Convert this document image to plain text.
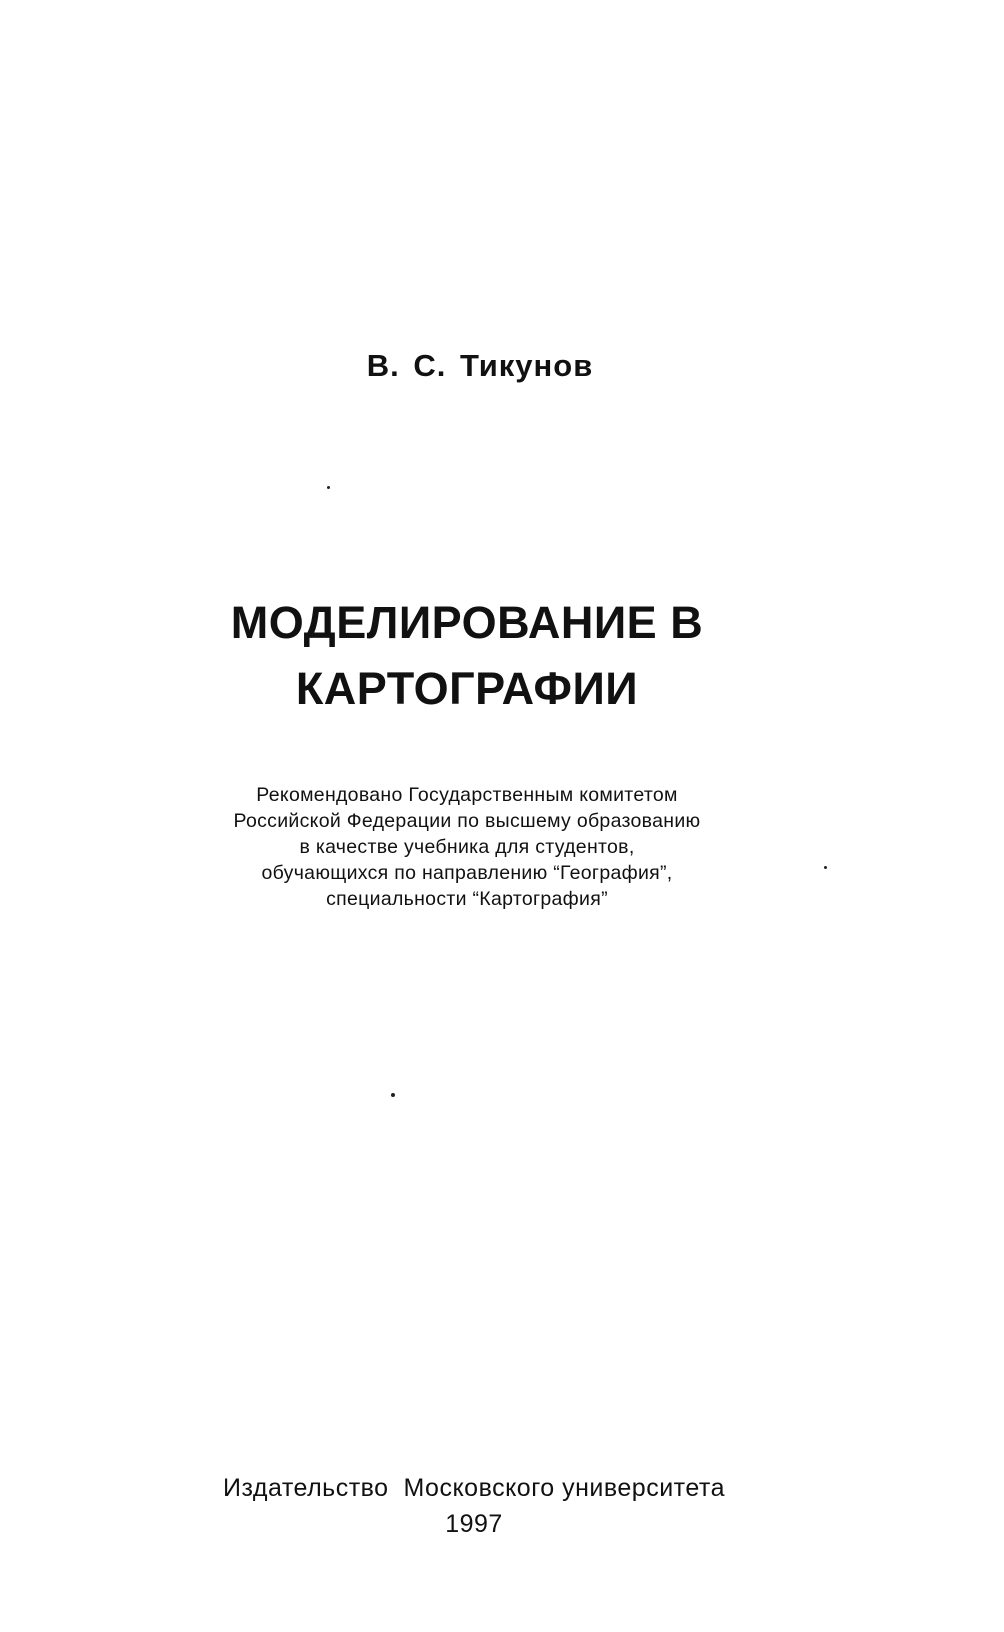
В. С. Тикунов
МОДЕЛИРОВАНИЕ В
КАРТОГРАФИИ
Рекомендовано Государственным комитетом
Российской Федерации по высшему образованию
в качестве учебника для студентов,
обучающихся по направлению “География”,
специальности “Картография”
Издательство  Московского университета
1997
